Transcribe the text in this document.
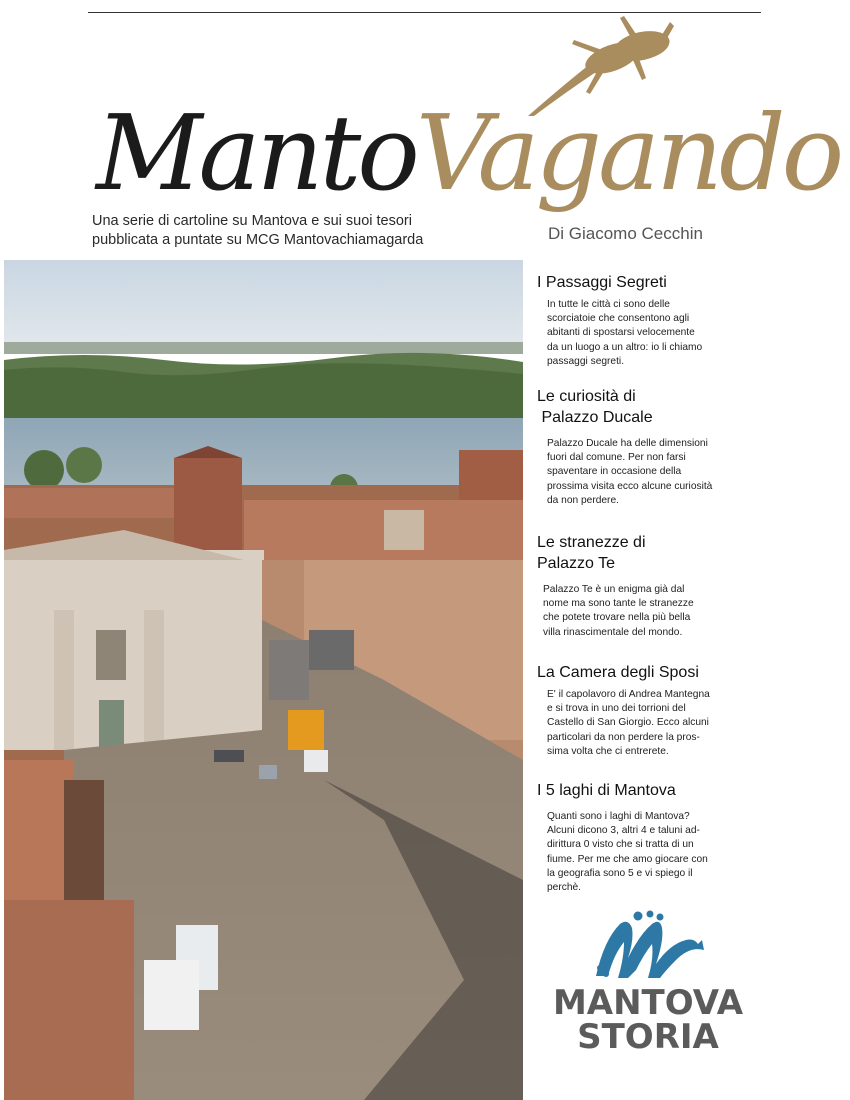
MantoVagando
Una serie di cartoline su Mantova e sui suoi tesori
pubblicata a puntate su MCG Mantovachiamagarda	Di Giacomo Cecchin
I Passaggi Segreti

In tutte le città ci sono delle
scorciatoie che consentono agli
abitanti di spostarsi velocemente
da un luogo a un altro: io li chiamo
passaggi segreti.

Le curiosità di
Palazzo Ducale

Palazzo Ducale ha delle dimensioni
fuori dal comune. Per non farsi
spaventare in occasione della
prossima visita ecco alcune curiosità
da non perdere.

Le stranezze di
Palazzo Te

Palazzo Te è un enigma già dal
nome ma sono tante le stranezze
che potete trovare nella più bella
villa rinascimentale del mondo.

La Camera degli Sposi

E' il capolavoro di Andrea Mantegna
e si trova in uno dei torrioni del
Castello di San Giorgio. Ecco alcuni
particolari da non perdere la pros-
sima volta che ci entrerete.

I 5 laghi di Mantova

Quanti sono i laghi di Mantova?
Alcuni dicono 3, altri 4 e taluni ad-
dirittura 0 visto che si tratta di un
fiume. Per me che amo giocare con
la geografia sono 5 e vi spiego il
perchè.

MANTOVA
STORIA
